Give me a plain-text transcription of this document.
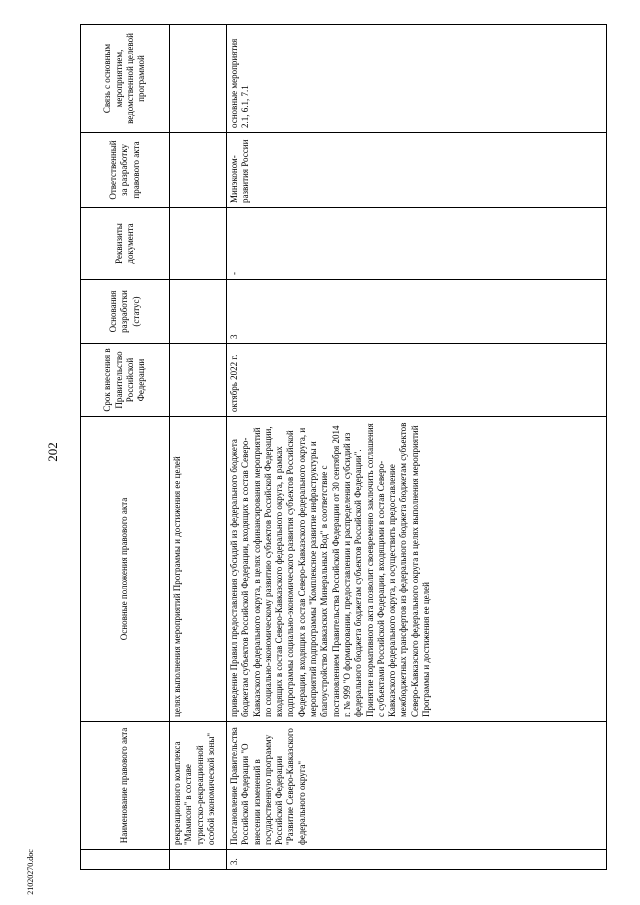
202
21020270.doc
	Наименование правового акта	Основные положения правового акта	Срок внесения в Правительство Российской Федерации	Основания разработки (статус)	Реквизиты документа	Ответственный за разработку правового акта	Связь с основным мероприятием, ведомственной целевой программой
	рекреационного комплекса "Мамисон" в составе туристско-рекреационной особой экономической зоны"	целях выполнения мероприятий Программы и достижения ее целей					
3.	Постановление Правительства Российской Федерации "О внесении изменений в государственную программу Российской Федерации "Развитие Северо-Кавказского федерального округа"	приведение Правил предоставления субсидий из федерального бюджета бюджетам субъектов Российской Федерации, входящих в состав Северо-Кавказского федерального округа, в целях софинансирования мероприятий по социально-экономическому развитию субъектов Российской Федерации, входящих в состав Северо-Кавказского федерального округа, в рамках подпрограммы социально-экономического развития субъектов Российской Федерации, входящих в состав Северо-Кавказского федерального округа, и мероприятий подпрограммы "Комплексное развитие инфраструктуры и благоустройство Кавказских Минеральных Вод" в соответствие с постановлением Правительства Российской Федерации от 30 сентября 2014 г. № 999 "О формировании, предоставлении и распределении субсидий из федерального бюджета бюджетам субъектов Российской Федерации". Принятие нормативного акта позволит своевременно заключить соглашения с субъектами Российской Федерации, входящими в состав Северо-Кавказского федерального округа, и осуществить предоставление межбюджетных трансфертов из федерального бюджета бюджетам субъектов Северо-Кавказского федерального округа в целях выполнения мероприятий Программы и достижения ее целей	октябрь 2022 г.	3	-	Минэконом-развития России	основные мероприятия 2.1, 6.1, 7.1
